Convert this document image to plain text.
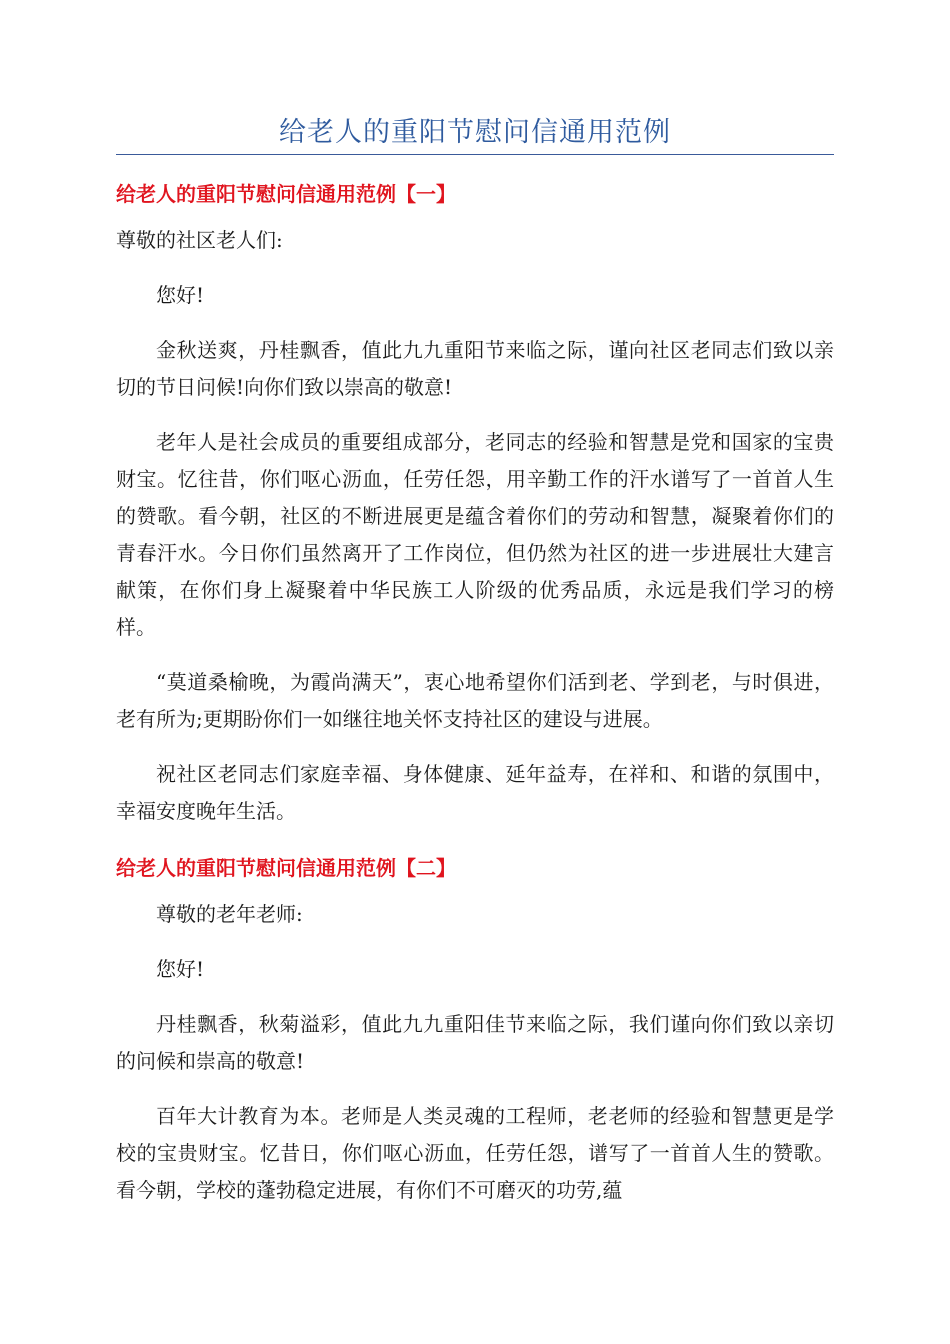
给老人的重阳节慰问信通用范例
给老人的重阳节慰问信通用范例【一】

尊敬的社区老人们:

您好!

金秋送爽，丹桂飘香，值此九九重阳节来临之际，谨向社区老同志们致以亲切的节日问候!向你们致以崇高的敬意!

老年人是社会成员的重要组成部分，老同志的经验和智慧是党和国家的宝贵财宝。忆往昔，你们呕心沥血，任劳任怨，用辛勤工作的汗水谱写了一首首人生的赞歌。看今朝，社区的不断进展更是蕴含着你们的劳动和智慧，凝聚着你们的青春汗水。今日你们虽然离开了工作岗位，但仍然为社区的进一步进展壮大建言献策，在你们身上凝聚着中华民族工人阶级的优秀品质，永远是我们学习的榜样。

“莫道桑榆晚，为霞尚满天”，衷心地希望你们活到老、学到老，与时俱进，老有所为;更期盼你们一如继往地关怀支持社区的建设与进展。

祝社区老同志们家庭幸福、身体健康、延年益寿，在祥和、和谐的氛围中，幸福安度晚年生活。

给老人的重阳节慰问信通用范例【二】

尊敬的老年老师:

您好!

丹桂飘香，秋菊溢彩，值此九九重阳佳节来临之际，我们谨向你们致以亲切的问候和崇高的敬意!

百年大计教育为本。老师是人类灵魂的工程师，老老师的经验和智慧更是学校的宝贵财宝。忆昔日，你们呕心沥血，任劳任怨，谱写了一首首人生的赞歌。看今朝，学校的蓬勃稳定进展，有你们不可磨灭的功劳,蕴
